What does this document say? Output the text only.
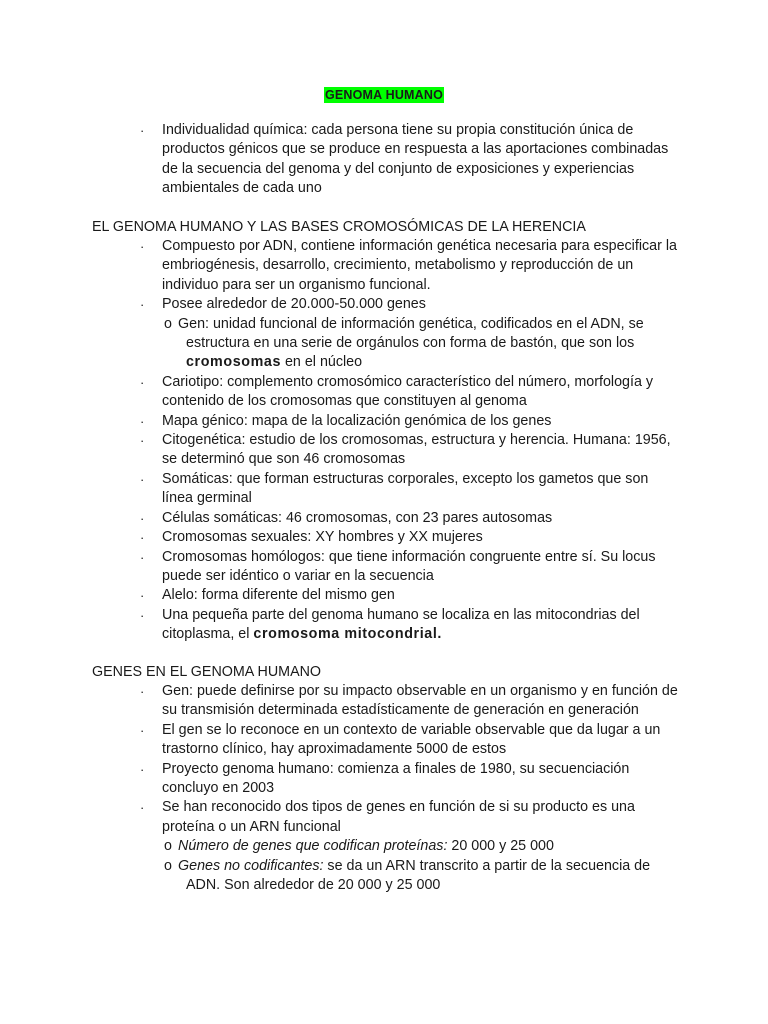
GENOMA HUMANO
· Individualidad química: cada persona tiene su propia constitución única de productos génicos que se produce en respuesta a las aportaciones combinadas de la secuencia del genoma y del conjunto de exposiciones y experiencias ambientales de cada uno
EL GENOMA HUMANO Y LAS BASES CROMOSÓMICAS DE LA HERENCIA
· Compuesto por ADN, contiene información genética necesaria para especificar la embriogénesis, desarrollo, crecimiento, metabolismo y reproducción de un individuo para ser un organismo funcional.
· Posee alrededor de 20.000-50.000 genes
o Gen: unidad funcional de información genética, codificados en el ADN, se estructura en una serie de orgánulos con forma de bastón, que son los cromosomas en el núcleo
· Cariotipo: complemento cromosómico característico del número, morfología y contenido de los cromosomas que constituyen al genoma
· Mapa génico: mapa de la localización genómica de los genes
· Citogenética: estudio de los cromosomas, estructura y herencia. Humana: 1956, se determinó que son 46 cromosomas
· Somáticas: que forman estructuras corporales, excepto los gametos que son línea germinal
· Células somáticas: 46 cromosomas, con 23 pares autosomas
· Cromosomas sexuales: XY hombres y XX mujeres
· Cromosomas homólogos: que tiene información congruente entre sí. Su locus puede ser idéntico o variar en la secuencia
· Alelo: forma diferente del mismo gen
· Una pequeña parte del genoma humano se localiza en las mitocondrias del citoplasma, el cromosoma mitocondrial.
GENES EN EL GENOMA HUMANO
· Gen: puede definirse por su impacto observable en un organismo y en función de su transmisión determinada estadísticamente de generación en generación
· El gen se lo reconoce en un contexto de variable observable que da lugar a un trastorno clínico, hay aproximadamente 5000 de estos
· Proyecto genoma humano: comienza a finales de 1980, su secuenciación concluyo en 2003
· Se han reconocido dos tipos de genes en función de si su producto es una proteína o un ARN funcional
o Número de genes que codifican proteínas: 20 000 y 25 000
o Genes no codificantes: se da un ARN transcrito a partir de la secuencia de ADN. Son alrededor de 20 000 y 25 000
